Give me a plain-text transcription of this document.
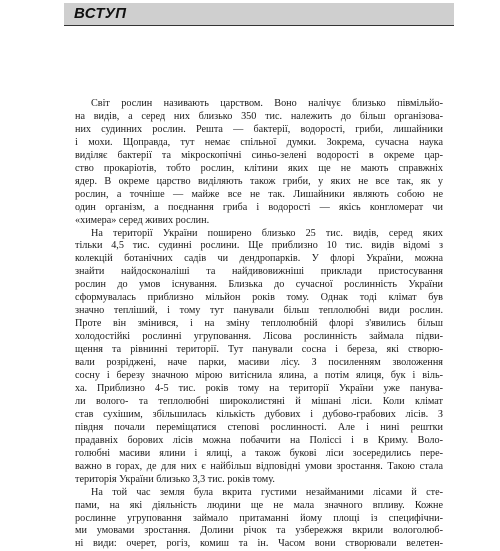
ВСТУП
Світ рослин називають царством. Воно налічує близько півмільйо-
на видів, а серед них близько 350 тис. належить до більш організова-
них судинних рослин. Решта — бактерії, водорості, гриби, лишайники
і мохи. Щоправда, тут немає спільної думки. Зокрема, сучасна наука
виділяє бактерії та мікроскопічні синьо-зелені водорості в окреме цар-
ство прокаріотів, тобто рослин, клітини яких ще не мають справжніх
ядер. В окреме царство виділяють також гриби, у яких не все так, як у
рослин, а точніше — майже все не так. Лишайники являють собою не
один організм, а поєднання гриба і водорості — якісь конгломерат чи
«химера» серед живих рослин.
На території України поширено близько 25 тис. видів, серед яких
тільки 4,5 тис. судинні рослини. Ще приблизно 10 тис. видів відомі з
колекцій ботанічних садів чи дендропарків. У флорі України, можна
знайти найдосконаліші та найдивовижніші приклади пристосування
рослин до умов існування. Близька до сучасної рослинність України
сформувалась приблизно мільйон років тому. Однак тоді клімат був
значно тепліший, і тому тут панували більш теплолюбні види рослин.
Проте він змінився, і на зміну теплолюбній флорі з'явились більш
холодостійкі рослинні угруповання. Лісова рослинність займала підви-
щення та рівнинні території. Тут панували сосна і береза, які створю-
вали розріджені, наче парки, масиви лісу. З посиленням зволоження
сосну і березу значною мірою витіснила ялина, а потім ялиця, бук і віль-
ха. Приблизно 4-5 тис. років тому на території України уже панува-
ли волого- та теплолюбні широколистяні й мішані ліси. Коли клімат
став сухішим, збільшилась кількість дубових і дубово-грабових лісів. З
півдня почали переміщатися степові рослинності. Але і нині рештки
прадавніх борових лісів можна побачити на Поліссі і в Криму. Воло-
голюбні масиви ялини і ялиці, а також букові ліси зосередились пере-
важно в горах, де для них є найбільш відповідні умови зростання. Такою стала
територія України близько 3,3 тис. років тому.
На той час земля була вкрита густими незайманими лісами й сте-
пами, на які діяльність людини ще не мала значного впливу. Кожне
рослинне угруповання займало притаманні йому площі із специфічни-
ми умовами зростання. Долини річок та узбережжя вкрили вологолюб-
ні види: очерет, рогіз, комиш та ін. Часом вони створювали велетен-
